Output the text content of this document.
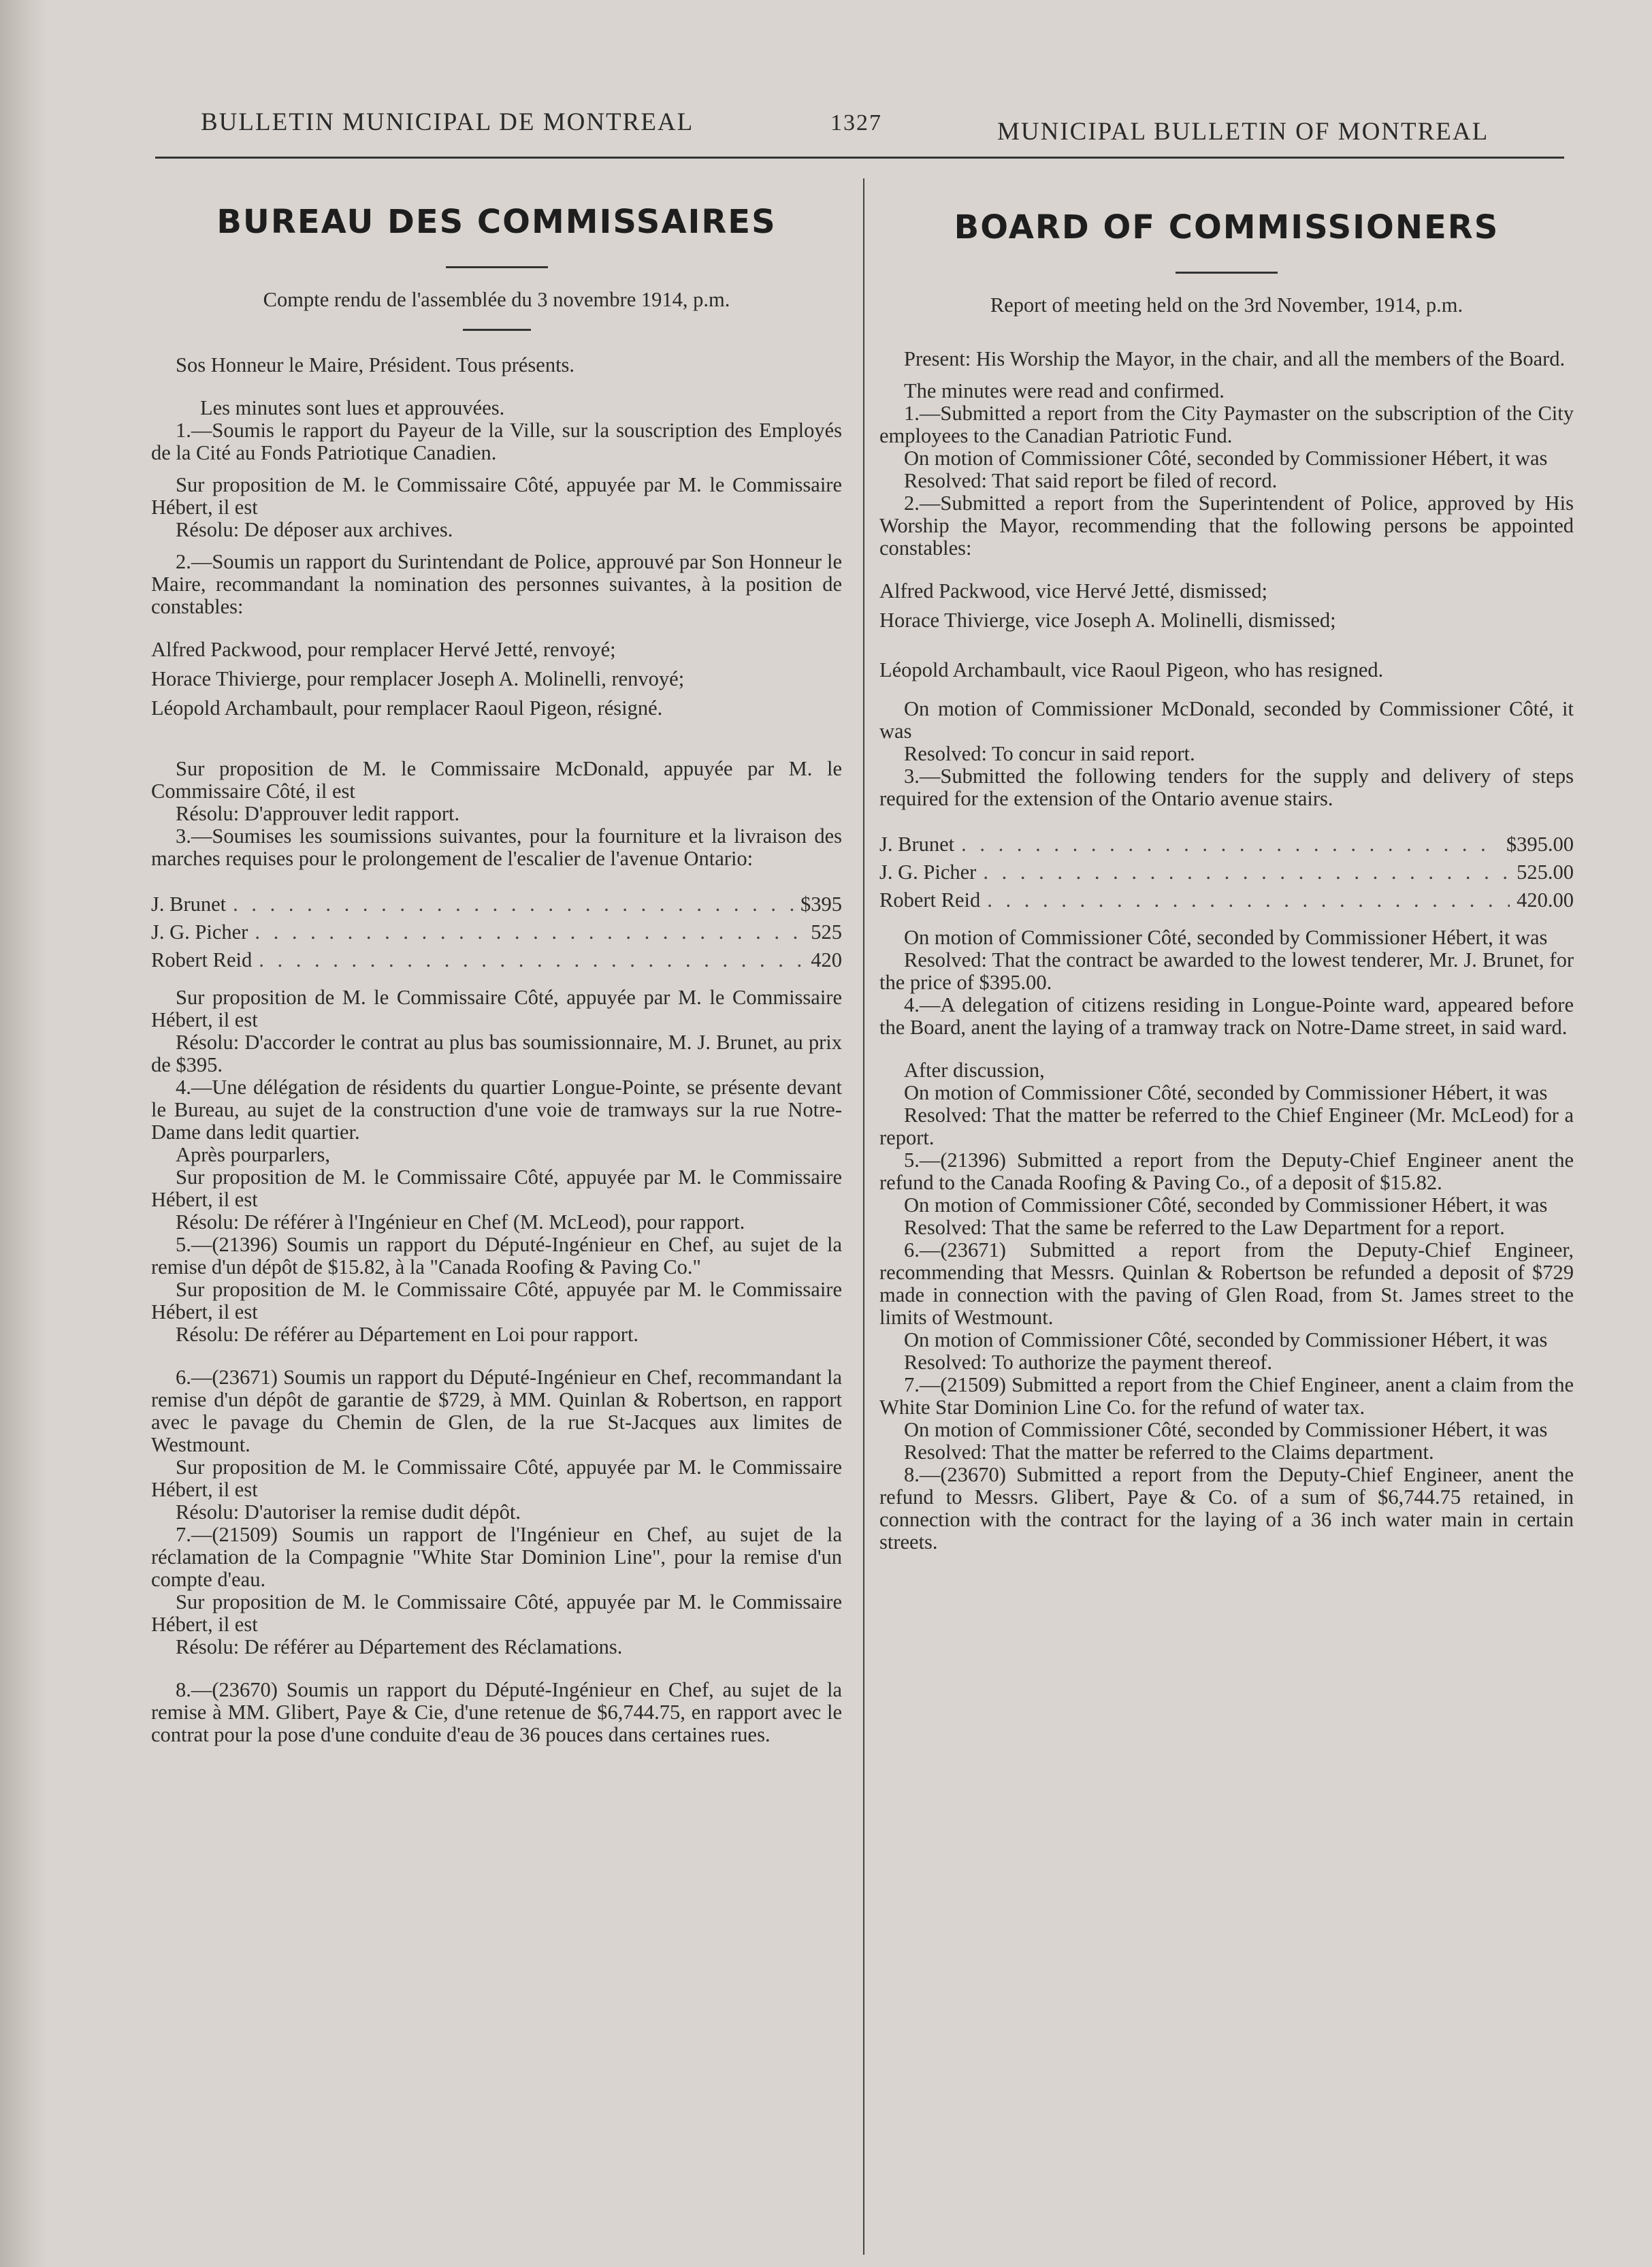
BULLETIN MUNICIPAL DE MONTREAL	1327	MUNICIPAL BULLETIN OF MONTREAL
BUREAU DES COMMISSAIRES

Compte rendu de l'assemblée du 3 novembre 1914, p.m.

Sos Honneur le Maire, Président. Tous présents.

Les minutes sont lues et approuvées.

1.—Soumis le rapport du Payeur de la Ville, sur la souscription des Employés de la Cité au Fonds Patriotique Canadien.

Sur proposition de M. le Commissaire Côté, appuyée par M. le Commissaire Hébert, il est

Résolu: De déposer aux archives.

2.—Soumis un rapport du Surintendant de Police, approuvé par Son Honneur le Maire, recommandant la nomination des personnes suivantes, à la position de constables:

Alfred Packwood, pour remplacer Hervé Jetté, renvoyé;

Horace Thivierge, pour remplacer Joseph A. Molinelli, renvoyé;

Léopold Archambault, pour remplacer Raoul Pigeon, résigné.

Sur proposition de M. le Commissaire McDonald, appuyée par M. le Commissaire Côté, il est

Résolu: D'approuver ledit rapport.

3.—Soumises les soumissions suivantes, pour la fourniture et la livraison des marches requises pour le prolongement de l'escalier de l'avenue Ontario:

J. Brunet . . .	$395
J. G. Picher . . .	525
Robert Reid . . .	420

Sur proposition de M. le Commissaire Côté, appuyée par M. le Commissaire Hébert, il est

Résolu: D'accorder le contrat au plus bas soumissionnaire, M. J. Brunet, au prix de $395.

4.—Une délégation de résidents du quartier Longue-Pointe, se présente devant le Bureau, au sujet de la construction d'une voie de tramways sur la rue Notre-Dame dans ledit quartier.

Après pourparlers,

Sur proposition de M. le Commissaire Côté, appuyée par M. le Commissaire Hébert, il est

Résolu: De référer à l'Ingénieur en Chef (M. McLeod), pour rapport.

5.—(21396) Soumis un rapport du Député-Ingénieur en Chef, au sujet de la remise d'un dépôt de $15.82, à la "Canada Roofing & Paving Co."

Sur proposition de M. le Commissaire Côté, appuyée par M. le Commissaire Hébert, il est

Résolu: De référer au Département en Loi pour rapport.

6.—(23671) Soumis un rapport du Député-Ingénieur en Chef, recommandant la remise d'un dépôt de garantie de $729, à MM. Quinlan & Robertson, en rapport avec le pavage du Chemin de Glen, de la rue St-Jacques aux limites de Westmount.

Sur proposition de M. le Commissaire Côté, appuyée par M. le Commissaire Hébert, il est

Résolu: D'autoriser la remise dudit dépôt.

7.—(21509) Soumis un rapport de l'Ingénieur en Chef, au sujet de la réclamation de la Compagnie "White Star Dominion Line", pour la remise d'un compte d'eau.

Sur proposition de M. le Commissaire Côté, appuyée par M. le Commissaire Hébert, il est

Résolu: De référer au Département des Réclamations.

8.—(23670) Soumis un rapport du Député-Ingénieur en Chef, au sujet de la remise à MM. Glibert, Paye & Cie, d'une retenue de $6,744.75, en rapport avec le contrat pour la pose d'une conduite d'eau de 36 pouces dans certaines rues.

BOARD OF COMMISSIONERS

Report of meeting held on the 3rd November, 1914, p.m.

Present: His Worship the Mayor, in the chair, and all the members of the Board.

The minutes were read and confirmed.

1.—Submitted a report from the City Paymaster on the subscription of the City employees to the Canadian Patriotic Fund.

On motion of Commissioner Côté, seconded by Commissioner Hébert, it was

Resolved: That said report be filed of record.

2.—Submitted a report from the Superintendent of Police, approved by His Worship the Mayor, recommending that the following persons be appointed constables:

Alfred Packwood, vice Hervé Jetté, dismissed;

Horace Thivierge, vice Joseph A. Molinelli, dismissed;

Léopold Archambault, vice Raoul Pigeon, who has resigned.

On motion of Commissioner McDonald, seconded by Commissioner Côté, it was

Resolved: To concur in said report.

3.—Submitted the following tenders for the supply and delivery of steps required for the extension of the Ontario avenue stairs.

J. Brunet . . .	$395.00
J. G. Picher . . .	525.00
Robert Reid . . .	420.00

On motion of Commissioner Côté, seconded by Commissioner Hébert, it was

Resolved: That the contract be awarded to the lowest tenderer, Mr. J. Brunet, for the price of $395.00.

4.—A delegation of citizens residing in Longue-Pointe ward, appeared before the Board, anent the laying of a tramway track on Notre-Dame street, in said ward.

After discussion,

On motion of Commissioner Côté, seconded by Commissioner Hébert, it was

Resolved: That the matter be referred to the Chief Engineer (Mr. McLeod) for a report.

5.—(21396) Submitted a report from the Deputy-Chief Engineer anent the refund to the Canada Roofing & Paving Co., of a deposit of $15.82.

On motion of Commissioner Côté, seconded by Commissioner Hébert, it was

Resolved: That the same be referred to the Law Department for a report.

6.—(23671) Submitted a report from the Deputy-Chief Engineer, recommending that Messrs. Quinlan & Robertson be refunded a deposit of $729 made in connection with the paving of Glen Road, from St. James street to the limits of Westmount.

On motion of Commissioner Côté, seconded by Commissioner Hébert, it was

Resolved: To authorize the payment thereof.

7.—(21509) Submitted a report from the Chief Engineer, anent a claim from the White Star Dominion Line Co. for the refund of water tax.

On motion of Commissioner Côté, seconded by Commissioner Hébert, it was

Resolved: That the matter be referred to the Claims department.

8.—(23670) Submitted a report from the Deputy-Chief Engineer, anent the refund to Messrs. Glibert, Paye & Co. of a sum of $6,744.75 retained, in connection with the contract for the laying of a 36 inch water main in certain streets.
